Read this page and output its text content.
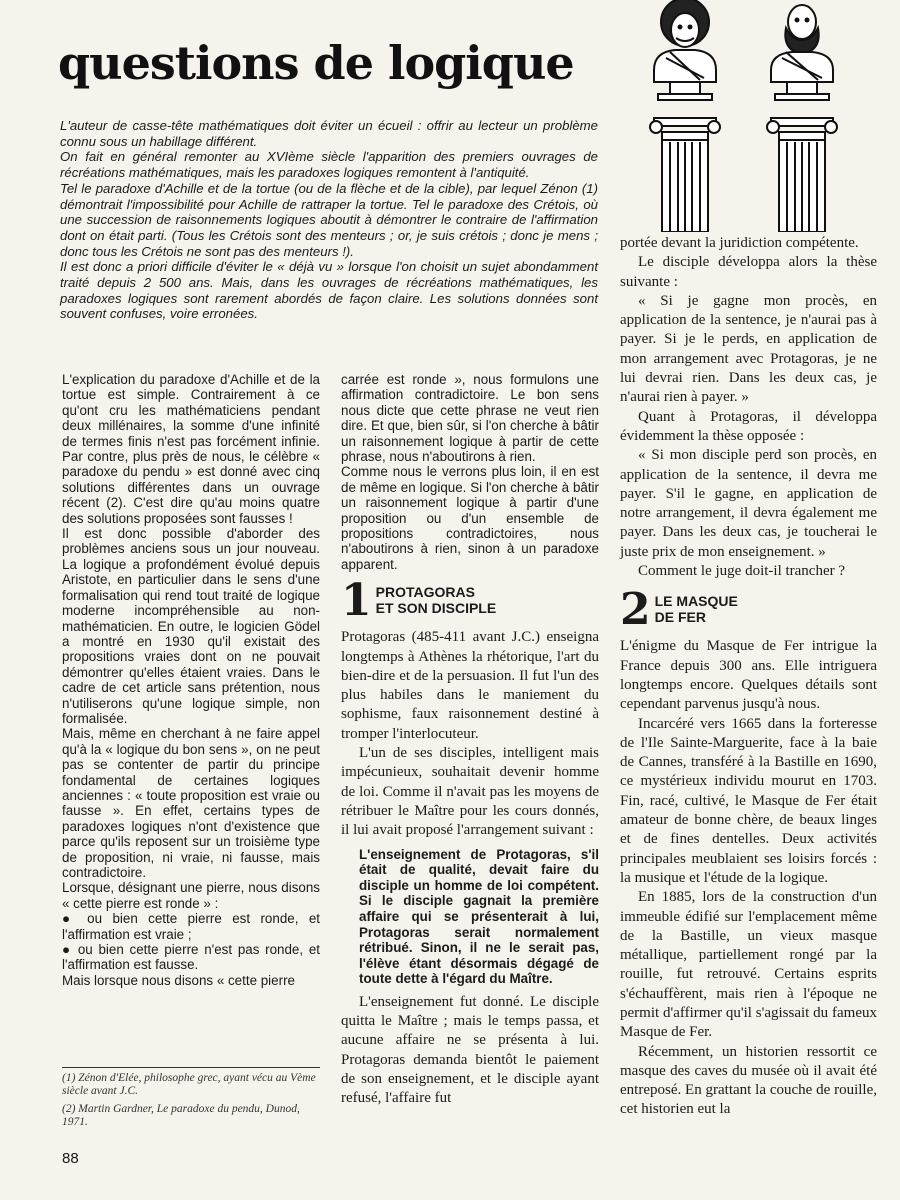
questions de logique

L'auteur de casse-tête mathématiques doit éviter un écueil : offrir au lecteur un problème connu sous un habillage différent.

On fait en général remonter au XVIème siècle l'apparition des premiers ouvrages de récréations mathématiques, mais les paradoxes logiques remontent à l'antiquité.

Tel le paradoxe d'Achille et de la tortue (ou de la flèche et de la cible), par lequel Zénon (1) démontrait l'impossibilité pour Achille de rattraper la tortue. Tel le paradoxe des Crétois, où une succession de raisonnements logiques aboutit à démontrer le contraire de l'affirmation dont on était parti. (Tous les Crétois sont des menteurs ; or, je suis crétois ; donc je mens ; donc tous les Crétois ne sont pas des menteurs !).

Il est donc a priori difficile d'éviter le « déjà vu » lorsque l'on choisit un sujet abondamment traité depuis 2 500 ans. Mais, dans les ouvrages de récréations mathématiques, les paradoxes logiques sont rarement abordés de façon claire. Les solutions données sont souvent confuses, voire erronées.

L'explication du paradoxe d'Achille et de la tortue est simple. Contrairement à ce qu'ont cru les mathématiciens pendant deux millénaires, la somme d'une infinité de termes finis n'est pas forcément infinie. Par contre, plus près de nous, le célèbre « paradoxe du pendu » est donné avec cinq solutions différentes dans un ouvrage récent (2). C'est dire qu'au moins quatre des solutions proposées sont fausses !

Il est donc possible d'aborder des problèmes anciens sous un jour nouveau. La logique a profondément évolué depuis Aristote, en particulier dans le sens d'une formalisation qui rend tout traité de logique moderne incompréhensible au non-mathématicien. En outre, le logicien Gödel a montré en 1930 qu'il existait des propositions vraies dont on ne pouvait démontrer qu'elles étaient vraies. Dans le cadre de cet article sans prétention, nous n'utiliserons qu'une logique simple, non formalisée.

Mais, même en cherchant à ne faire appel qu'à la « logique du bon sens », on ne peut pas se contenter de partir du principe fondamental de certaines logiques anciennes : « toute proposition est vraie ou fausse ». En effet, certains types de paradoxes logiques n'ont d'existence que parce qu'ils reposent sur un troisième type de proposition, ni vraie, ni fausse, mais contradictoire.

Lorsque, désignant une pierre, nous disons « cette pierre est ronde » :

● ou bien cette pierre est ronde, et l'affirmation est vraie ;

● ou bien cette pierre n'est pas ronde, et l'affirmation est fausse.

Mais lorsque nous disons « cette pierre

(1) Zénon d'Elée, philosophe grec, ayant vécu au Vème siècle avant J.C.

(2) Martin Gardner, Le paradoxe du pendu, Dunod, 1971.

carrée est ronde », nous formulons une affirmation contradictoire. Le bon sens nous dicte que cette phrase ne veut rien dire. Et que, bien sûr, si l'on cherche à bâtir un raisonnement logique à partir de cette phrase, nous n'aboutirons à rien.

Comme nous le verrons plus loin, il en est de même en logique. Si l'on cherche à bâtir un raisonnement logique à partir d'une proposition ou d'un ensemble de propositions contradictoires, nous n'aboutirons à rien, sinon à un paradoxe apparent.

1 PROTAGORAS
ET SON DISCIPLE

Protagoras (485-411 avant J.C.) enseigna longtemps à Athènes la rhétorique, l'art du bien-dire et de la persuasion. Il fut l'un des plus habiles dans le maniement du sophisme, faux raisonnement destiné à tromper l'interlocuteur.

L'un de ses disciples, intelligent mais impécunieux, souhaitait devenir homme de loi. Comme il n'avait pas les moyens de rétribuer le Maître pour les cours donnés, il lui avait proposé l'arrangement suivant :

L'enseignement de Protagoras, s'il était de qualité, devait faire du disciple un homme de loi compétent. Si le disciple gagnait la première affaire qui se présenterait à lui, Protagoras serait normalement rétribué. Sinon, il ne le serait pas, l'élève étant désormais dégagé de toute dette à l'égard du Maître.

L'enseignement fut donné. Le disciple quitta le Maître ; mais le temps passa, et aucune affaire ne se présenta à lui. Protagoras demanda bientôt le paiement de son enseignement, et le disciple ayant refusé, l'affaire fut

portée devant la juridiction compétente.

Le disciple développa alors la thèse suivante :

« Si je gagne mon procès, en application de la sentence, je n'aurai pas à payer. Si je le perds, en application de mon arrangement avec Protagoras, je ne lui devrai rien. Dans les deux cas, je n'aurai rien à payer. »

Quant à Protagoras, il développa évidemment la thèse opposée :

« Si mon disciple perd son procès, en application de la sentence, il devra me payer. S'il le gagne, en application de notre arrangement, il devra également me payer. Dans les deux cas, je toucherai le juste prix de mon enseignement. »

Comment le juge doit-il trancher ?

2 LE MASQUE
DE FER

L'énigme du Masque de Fer intrigue la France depuis 300 ans. Elle intriguera longtemps encore. Quelques détails sont cependant parvenus jusqu'à nous.

Incarcéré vers 1665 dans la forteresse de l'Ile Sainte-Marguerite, face à la baie de Cannes, transféré à la Bastille en 1690, ce mystérieux individu mourut en 1703. Fin, racé, cultivé, le Masque de Fer était amateur de bonne chère, de beaux linges et de fines dentelles. Deux activités principales meublaient ses loisirs forcés : la musique et l'étude de la logique.

En 1885, lors de la construction d'un immeuble édifié sur l'emplacement même de la Bastille, un vieux masque métallique, partiellement rongé par la rouille, fut retrouvé. Certains esprits s'échauffèrent, mais rien à l'époque ne permit d'affirmer qu'il s'agissait du fameux Masque de Fer.

Récemment, un historien ressortit ce masque des caves du musée où il avait été entreposé. En grattant la couche de rouille, cet historien eut la

88
